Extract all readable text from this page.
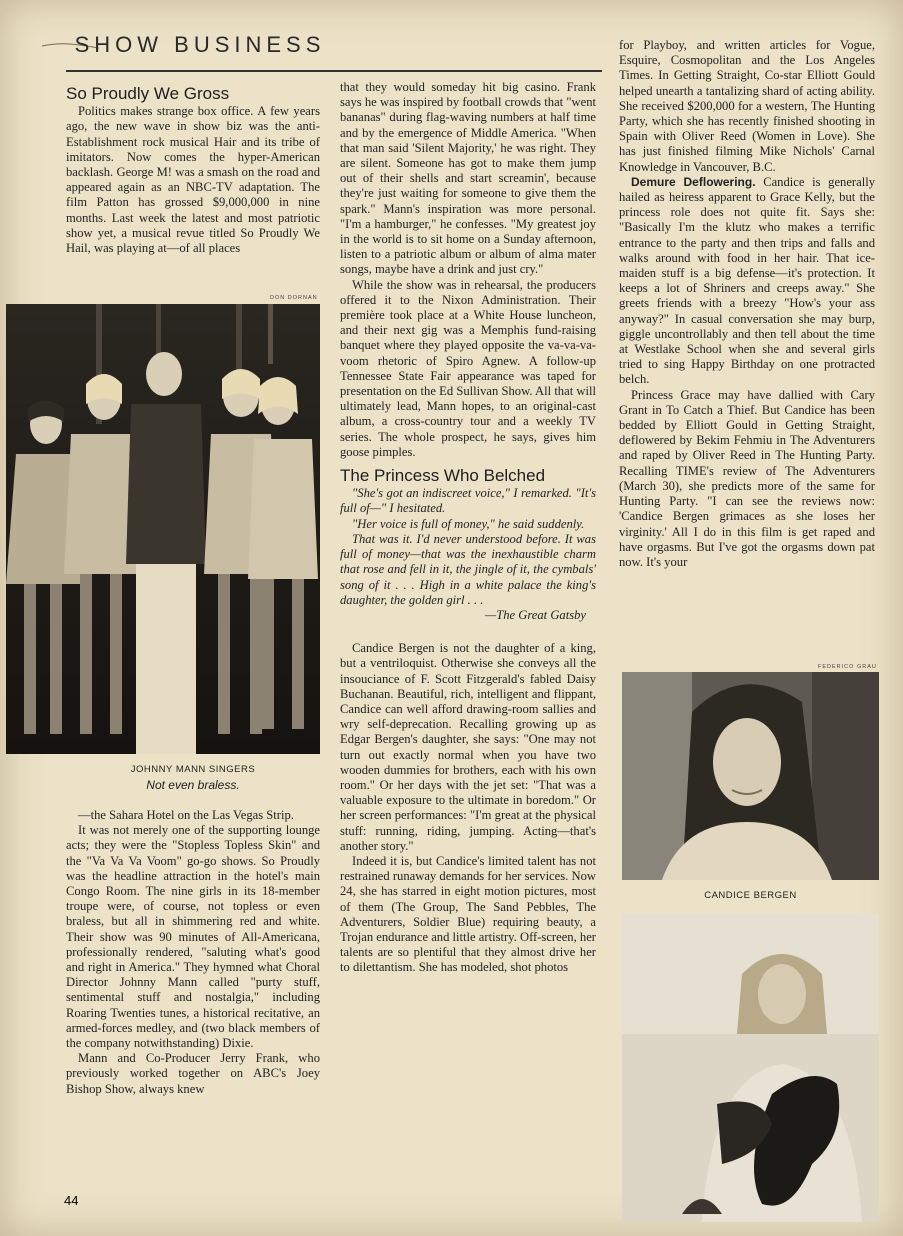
SHOW BUSINESS
So Proudly We Gross

Politics makes strange box office. A few years ago, the new wave in show biz was the anti-Establishment rock musical Hair and its tribe of imitators. Now comes the hyper-American backlash. George M! was a smash on the road and appeared again as an NBC-TV adaptation. The film Patton has grossed $9,000,000 in nine months. Last week the latest and most patriotic show yet, a musical revue titled So Proudly We Hail, was playing at—of all places

DON DORNAN
JOHNNY MANN SINGERS
Not even braless.

—the Sahara Hotel on the Las Vegas Strip.

It was not merely one of the supporting lounge acts; they were the "Stopless Topless Skin" and the "Va Va Va Voom" go-go shows. So Proudly was the headline attraction in the hotel's main Congo Room. The nine girls in its 18-member troupe were, of course, not topless or even braless, but all in shimmering red and white. Their show was 90 minutes of All-Americana, professionally rendered, "saluting what's good and right in America." They hymned what Choral Director Johnny Mann called "purty stuff, sentimental stuff and nostalgia," including Roaring Twenties tunes, a historical recitative, an armed-forces medley, and (two black members of the company notwithstanding) Dixie.

Mann and Co-Producer Jerry Frank, who previously worked together on ABC's Joey Bishop Show, always knew

44

that they would someday hit big casino. Frank says he was inspired by football crowds that "went bananas" during flag-waving numbers at half time and by the emergence of Middle America. "When that man said 'Silent Majority,' he was right. They are silent. Someone has got to make them jump out of their shells and start screamin', because they're just waiting for someone to give them the spark." Mann's inspiration was more personal. "I'm a hamburger," he confesses. "My greatest joy in the world is to sit home on a Sunday afternoon, listen to a patriotic album or album of alma mater songs, maybe have a drink and just cry."

While the show was in rehearsal, the producers offered it to the Nixon Administration. Their première took place at a White House luncheon, and their next gig was a Memphis fund-raising banquet where they played opposite the va-va-va-voom rhetoric of Spiro Agnew. A follow-up Tennessee State Fair appearance was taped for presentation on the Ed Sullivan Show. All that will ultimately lead, Mann hopes, to an original-cast album, a cross-country tour and a weekly TV series. The whole prospect, he says, gives him goose pimples.

The Princess Who Belched

"She's got an indiscreet voice," I remarked. "It's full of—" I hesitated.

"Her voice is full of money," he said suddenly.

That was it. I'd never understood before. It was full of money—that was the inexhaustible charm that rose and fell in it, the jingle of it, the cymbals' song of it . . . High in a white palace the king's daughter, the golden girl . . .

—The Great Gatsby

Candice Bergen is not the daughter of a king, but a ventriloquist. Otherwise she conveys all the insouciance of F. Scott Fitzgerald's fabled Daisy Buchanan. Beautiful, rich, intelligent and flippant, Candice can well afford drawing-room sallies and wry self-deprecation. Recalling growing up as Edgar Bergen's daughter, she says: "One may not turn out exactly normal when you have two wooden dummies for brothers, each with his own room." Or her days with the jet set: "That was a valuable exposure to the ultimate in boredom." Or her screen performances: "I'm great at the physical stuff: running, riding, jumping. Acting—that's another story."

Indeed it is, but Candice's limited talent has not restrained runaway demands for her services. Now 24, she has starred in eight motion pictures, most of them (The Group, The Sand Pebbles, The Adventurers, Soldier Blue) requiring beauty, a Trojan endurance and little artistry. Off-screen, her talents are so plentiful that they almost drive her to dilettantism. She has modeled, shot photos

for Playboy, and written articles for Vogue, Esquire, Cosmopolitan and the Los Angeles Times. In Getting Straight, Co-star Elliott Gould helped unearth a tantalizing shard of acting ability. She received $200,000 for a western, The Hunting Party, which she has recently finished shooting in Spain with Oliver Reed (Women in Love). She has just finished filming Mike Nichols' Carnal Knowledge in Vancouver, B.C.

Demure Deflowering. Candice is generally hailed as heiress apparent to Grace Kelly, but the princess role does not quite fit. Says she: "Basically I'm the klutz who makes a terrific entrance to the party and then trips and falls and walks around with food in her hair. That ice-maiden stuff is a big defense—it's protection. It keeps a lot of Shriners and creeps away." She greets friends with a breezy "How's your ass anyway?" In casual conversation she may burp, giggle uncontrollably and then tell about the time at Westlake School when she and several girls tried to sing Happy Birthday on one protracted belch.

Princess Grace may have dallied with Cary Grant in To Catch a Thief. But Candice has been bedded by Elliott Gould in Getting Straight, deflowered by Bekim Fehmiu in The Adventurers and raped by Oliver Reed in The Hunting Party. Recalling TIME's review of The Adventurers (March 30), she predicts more of the same for Hunting Party. "I can see the reviews now: 'Candice Bergen grimaces as she loses her virginity.' All I do in this film is get raped and have orgasms. But I've got the orgasms down pat now. It's your

FEDERICO GRAU
CANDICE BERGEN
